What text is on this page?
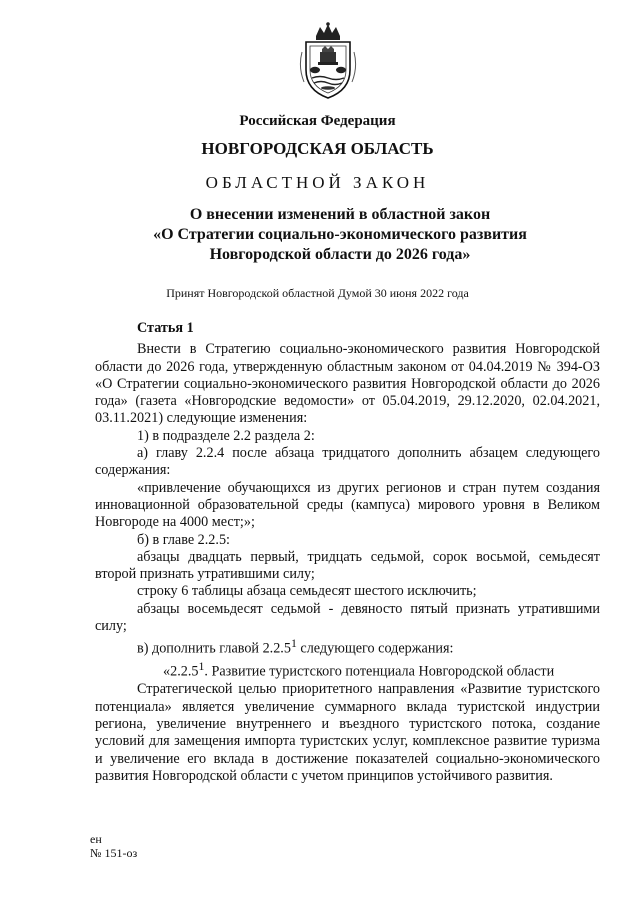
Российская Федерация
НОВГОРОДСКАЯ ОБЛАСТЬ
ОБЛАСТНОЙ ЗАКОН
О внесении изменений в областной закон
«О Стратегии социально-экономического развития
Новгородской области до 2026 года»
Принят Новгородской областной Думой 30 июня 2022 года

Статья 1

Внести в Стратегию социально-экономического развития Новгородской области до 2026 года, утвержденную областным законом от 04.04.2019 № 394-ОЗ «О Стратегии социально-экономического развития Новгородской области до 2026 года» (газета «Новгородские ведомости» от 05.04.2019, 29.12.2020, 02.04.2021, 03.11.2021) следующие изменения:

1) в подразделе 2.2 раздела 2:

а) главу 2.2.4 после абзаца тридцатого дополнить абзацем следующего содержания:

«привлечение обучающихся из других регионов и стран путем создания инновационной образовательной среды (кампуса) мирового уровня в Великом Новгороде на 4000 мест;»;

б) в главе 2.2.5:

абзацы двадцать первый, тридцать седьмой, сорок восьмой, семьдесят второй признать утратившими силу;

строку 6 таблицы абзаца семьдесят шестого исключить;

абзацы восемьдесят седьмой - девяносто пятый признать утратившими силу;

в) дополнить главой 2.2.5$^1$ следующего содержания:

«2.2.5$^1$. Развитие туристского потенциала Новгородской области

Стратегической целью приоритетного направления «Развитие туристского потенциала» является увеличение суммарного вклада туристской индустрии региона, увеличение внутреннего и въездного туристского потока, создание условий для замещения импорта туристских услуг, комплексное развитие туризма и увеличение его вклада в достижение показателей социально-экономического развития Новгородской области с учетом принципов устойчивого развития.

ен
№ 151-оз
